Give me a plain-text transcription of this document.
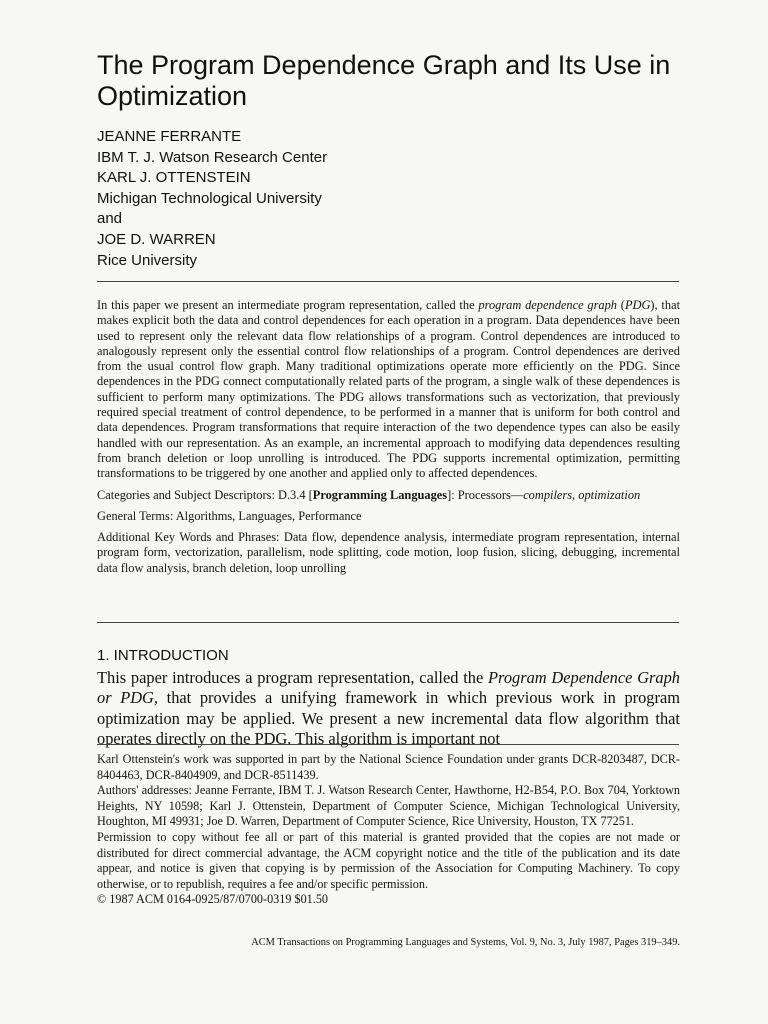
The Program Dependence Graph and Its Use in Optimization
JEANNE FERRANTE
IBM T. J. Watson Research Center
KARL J. OTTENSTEIN
Michigan Technological University
and
JOE D. WARREN
Rice University

In this paper we present an intermediate program representation, called the program dependence graph (PDG), that makes explicit both the data and control dependences for each operation in a program. Data dependences have been used to represent only the relevant data flow relationships of a program. Control dependences are introduced to analogously represent only the essential control flow relationships of a program. Control dependences are derived from the usual control flow graph. Many traditional optimizations operate more efficiently on the PDG. Since dependences in the PDG connect computationally related parts of the program, a single walk of these dependences is sufficient to perform many optimizations. The PDG allows transformations such as vectorization, that previously required special treatment of control dependence, to be performed in a manner that is uniform for both control and data dependences. Program transformations that require interaction of the two dependence types can also be easily handled with our representation. As an example, an incremental approach to modifying data dependences resulting from branch deletion or loop unrolling is introduced. The PDG supports incremental optimization, permitting transformations to be triggered by one another and applied only to affected dependences.

Categories and Subject Descriptors: D.3.4 [Programming Languages]: Processors—compilers, optimization

General Terms: Algorithms, Languages, Performance

Additional Key Words and Phrases: Data flow, dependence analysis, intermediate program representation, internal program form, vectorization, parallelism, node splitting, code motion, loop fusion, slicing, debugging, incremental data flow analysis, branch deletion, loop unrolling

1. INTRODUCTION

This paper introduces a program representation, called the Program Dependence Graph or PDG, that provides a unifying framework in which previous work in program optimization may be applied. We present a new incremental data flow algorithm that operates directly on the PDG. This algorithm is important not

Karl Ottenstein's work was supported in part by the National Science Foundation under grants DCR-8203487, DCR-8404463, DCR-8404909, and DCR-8511439.

Authors' addresses: Jeanne Ferrante, IBM T. J. Watson Research Center, Hawthorne, H2-B54, P.O. Box 704, Yorktown Heights, NY 10598; Karl J. Ottenstein, Department of Computer Science, Michigan Technological University, Houghton, MI 49931; Joe D. Warren, Department of Computer Science, Rice University, Houston, TX 77251.

Permission to copy without fee all or part of this material is granted provided that the copies are not made or distributed for direct commercial advantage, the ACM copyright notice and the title of the publication and its date appear, and notice is given that copying is by permission of the Association for Computing Machinery. To copy otherwise, or to republish, requires a fee and/or specific permission.

© 1987 ACM 0164-0925/87/0700-0319 $01.50

ACM Transactions on Programming Languages and Systems, Vol. 9, No. 3, July 1987, Pages 319–349.
